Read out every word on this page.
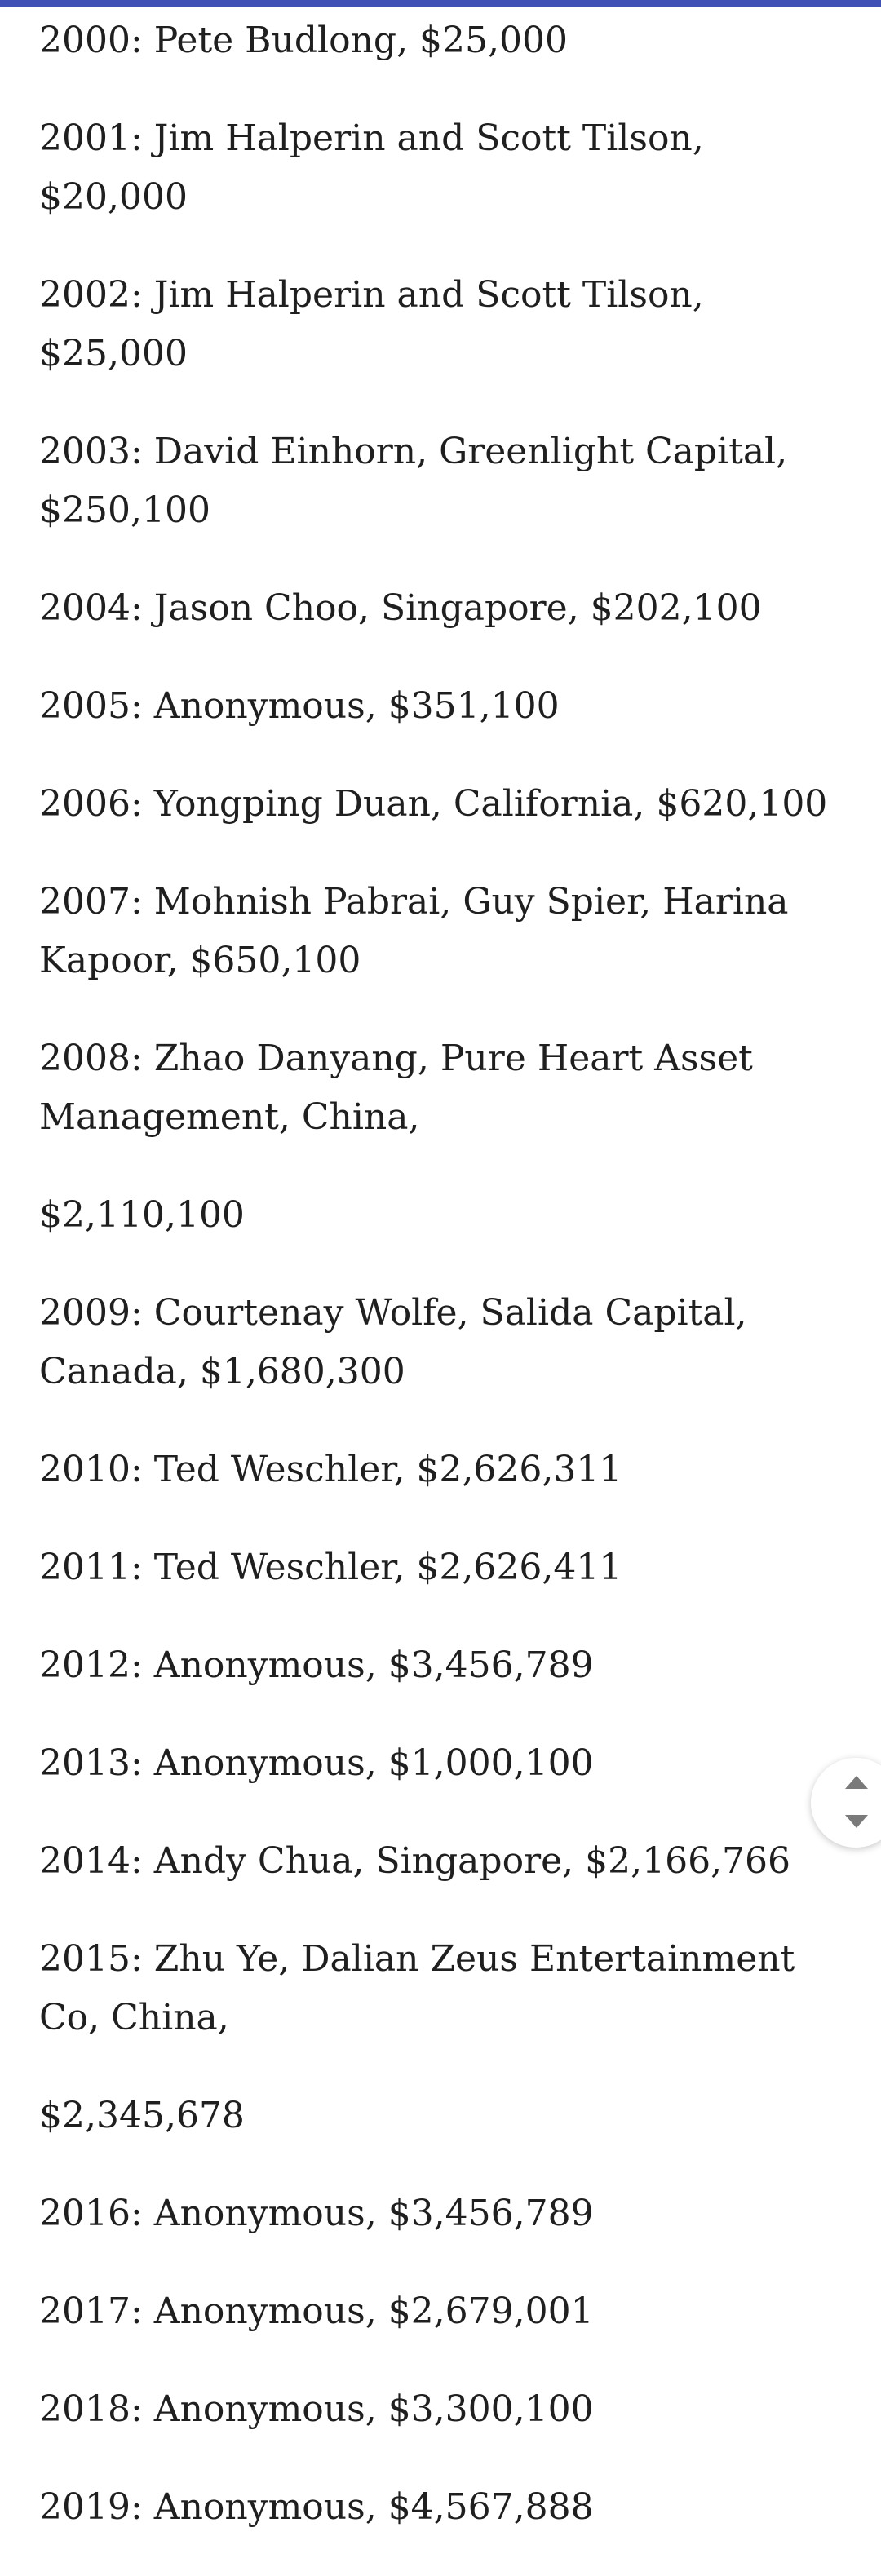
2000: Pete Budlong, $25,000

2001: Jim Halperin and Scott Tilson, $20,000

2002: Jim Halperin and Scott Tilson, $25,000

2003: David Einhorn, Greenlight Capital, $250,100

2004: Jason Choo, Singapore, $202,100

2005: Anonymous, $351,100

2006: Yongping Duan, California, $620,100

2007: Mohnish Pabrai, Guy Spier, Harina Kapoor, $650,100

2008: Zhao Danyang, Pure Heart Asset Management, China,

$2,110,100

2009: Courtenay Wolfe, Salida Capital, Canada, $1,680,300

2010: Ted Weschler, $2,626,311

2011: Ted Weschler, $2,626,411

2012: Anonymous, $3,456,789

2013: Anonymous, $1,000,100

2014: Andy Chua, Singapore, $2,166,766

2015: Zhu Ye, Dalian Zeus Entertainment Co, China,

$2,345,678

2016: Anonymous, $3,456,789

2017: Anonymous, $2,679,001

2018: Anonymous, $3,300,100

2019: Anonymous, $4,567,888
